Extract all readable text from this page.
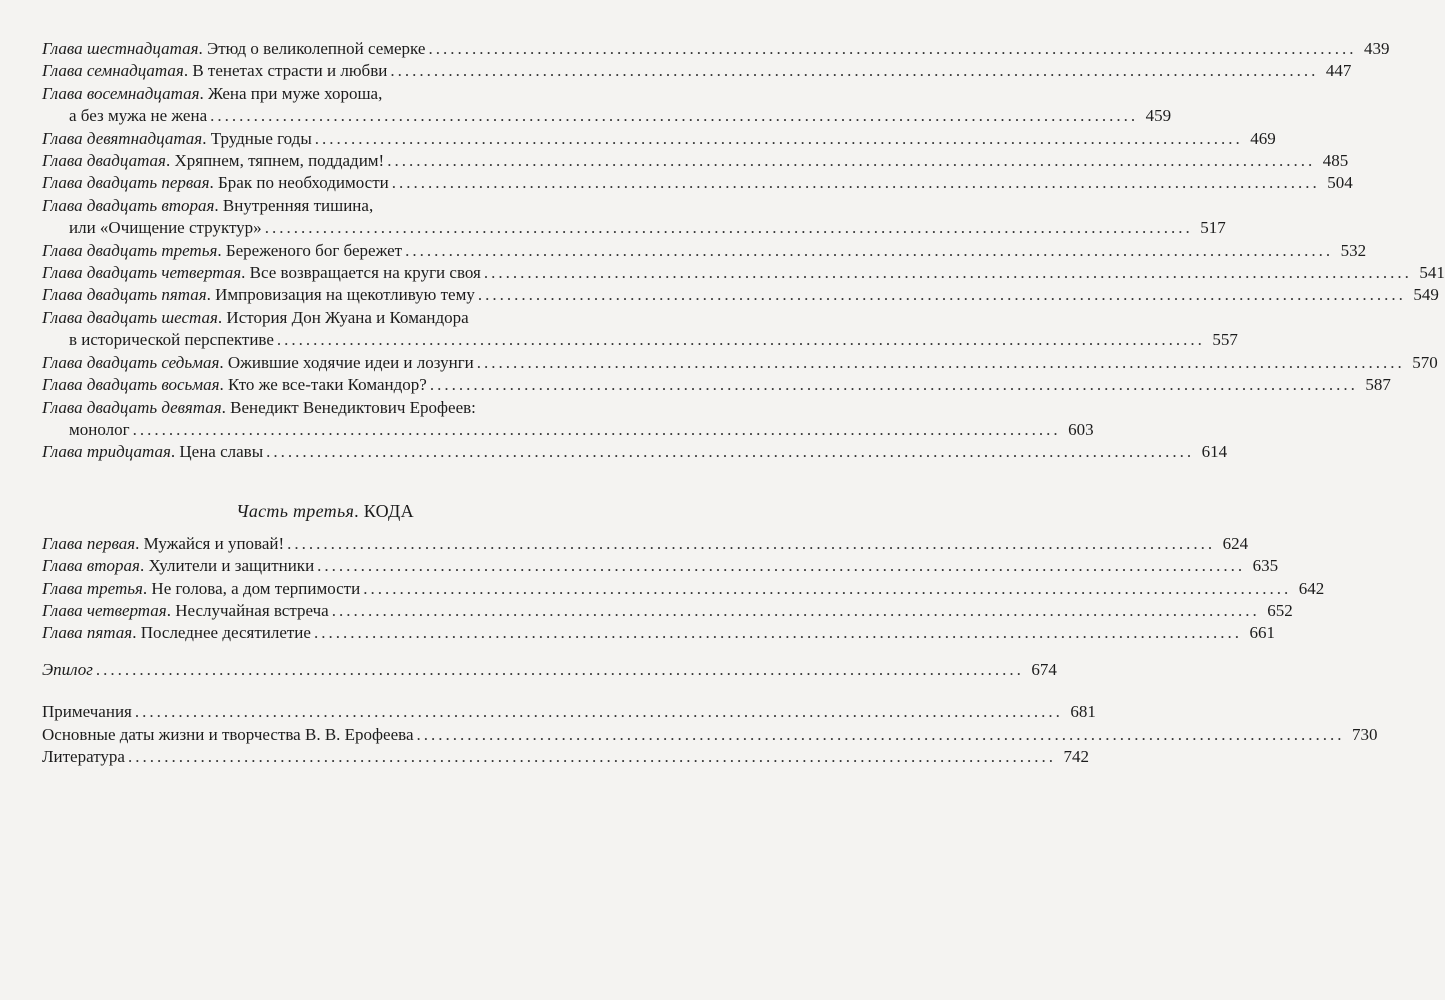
Глава шестнадцатая. Этюд о великолепной семерке .....	439
Глава семнадцатая. В тенетах страсти и любви .....	447
Глава восемнадцатая. Жена при муже хороша,
а без мужа не жена .....	459
Глава девятнадцатая. Трудные годы .....	469
Глава двадцатая. Хряпнем, тяпнем, поддадим! .....	485
Глава двадцать первая. Брак по необходимости .....	504
Глава двадцать вторая. Внутренняя тишина,
или «Очищение структур» .....	517
Глава двадцать третья. Береженого бог бережет .....	532
Глава двадцать четвертая. Все возвращается на круги своя .....	541
Глава двадцать пятая. Импровизация на щекотливую тему .....	549
Глава двадцать шестая. История Дон Жуана и Командора
в исторической перспективе .....	557
Глава двадцать седьмая. Ожившие ходячие идеи и лозунги .....	570
Глава двадцать восьмая. Кто же все-таки Командор? .....	587
Глава двадцать девятая. Венедикт Венедиктович Ерофеев:
монолог .....	603
Глава тридцатая. Цена славы .....	614
Часть третья. КОДА
Глава первая. Мужайся и уповай! .....	624
Глава вторая. Хулители и защитники .....	635
Глава третья. Не голова, а дом терпимости .....	642
Глава четвертая. Неслучайная встреча .....	652
Глава пятая. Последнее десятилетие .....	661
Эпилог .....	674
Примечания .....	681
Основные даты жизни и творчества В. В. Ерофеева .....	730
Литература .....	742
